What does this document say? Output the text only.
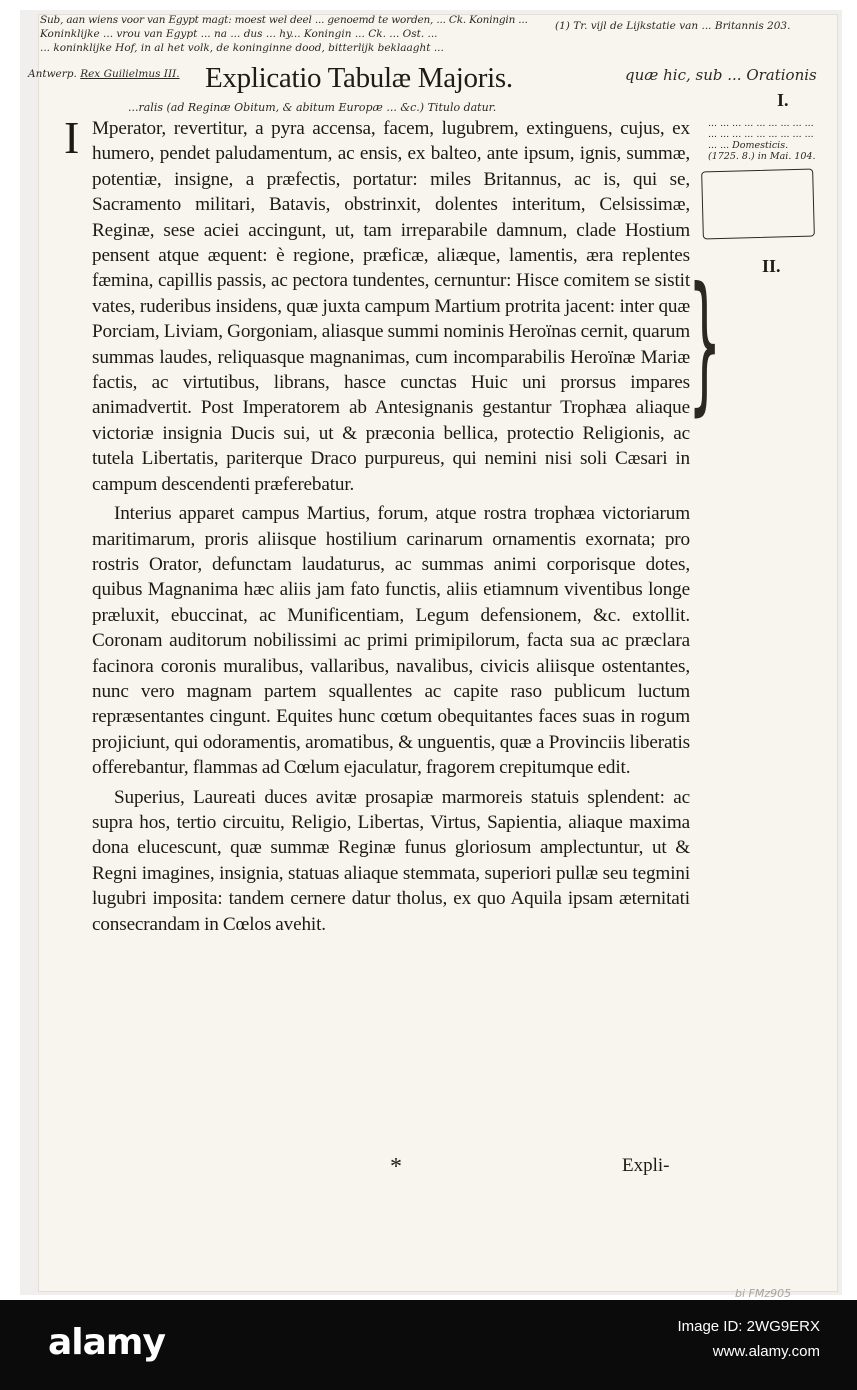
Sub, aan wiens voor van Egypt magt: moest wel deel ... genoemd te worden, ... Ck. Koningin ...
Koninklijke ... vrou van Egypt ... na ... dus ... hy... Koningin ... Ck. ... Ost. ...
... koninklijke Hof, in al het volk, de koninginne dood, bitterlijk beklaaght ...
(1) Tr. vijl de Lijkstatie van ... Britannis 203.
Antwerp. Rex Guilielmus III. Explicatio Tabulæ Majoris.	quæ hic, sub ... Orationis
...ralis (ad Reginæ Obitum, & abitum Europæ ... &c.) Titulo datur.	I.
II.
... ... ... ... ... ... ... ... ... ... ... ... ... ... ... ... ... ... ... ... Domesticis. (1725. 8.) in Mai. 104.
}

I Mperator, revertitur, a pyra accensa, facem, lugubrem, extinguens, cujus, ex humero, pendet paludamentum, ac ensis, ex balteo, ante ipsum, ignis, summæ, potentiæ, insigne, a præfectis, portatur: miles Britannus, ac is, qui se, Sacramento militari, Batavis, obstrinxit, dolentes interitum, Celsissimæ, Reginæ, sese aciei accingunt, ut, tam irreparabile damnum, clade Hostium pensent atque æquent: è regione, præficæ, aliæque, lamentis, æra replentes fæmina, capillis passis, ac pectora tundentes, cernuntur: Hisce comitem se sistit vates, ruderibus insidens, quæ juxta campum Martium protrita jacent: inter quæ Porciam, Liviam, Gorgoniam, aliasque summi nominis Heroïnas cernit, quarum summas laudes, reliquasque magnanimas, cum incomparabilis Heroïnæ Mariæ factis, ac virtutibus, librans, hasce cunctas Huic uni prorsus impares animadvertit. Post Imperatorem ab Antesignanis gestantur Trophæa aliaque victoriæ insignia Ducis sui, ut & præconia bellica, protectio Religionis, ac tutela Libertatis, pariterque Draco purpureus, qui nemini nisi soli Cæsari in campum descendenti præferebatur.

Interius apparet campus Martius, forum, atque rostra trophæa victoriarum maritimarum, proris aliisque hostilium carinarum ornamentis exornata; pro rostris Orator, defunctam laudaturus, ac summas animi corporisque dotes, quibus Magnanima hæc aliis jam fato functis, aliis etiamnum viventibus longe præluxit, ebuccinat, ac Munificentiam, Legum defensionem, &c. extollit. Coronam auditorum nobilissimi ac primi primipilorum, facta sua ac præclara facinora coronis muralibus, vallaribus, navalibus, civicis aliisque ostentantes, nunc vero magnam partem squallentes ac capite raso publicum luctum repræsentantes cingunt. Equites hunc cœtum obequitantes faces suas in rogum projiciunt, qui odoramentis, aromatibus, & unguentis, quæ a Provinciis liberatis offerebantur, flammas ad Cœlum ejaculatur, fragorem crepitumque edit.

Superius, Laureati duces avitæ prosapiæ marmoreis statuis splendent: ac supra hos, tertio circuitu, Religio, Libertas, Virtus, Sapientia, aliaque maxima dona elucescunt, quæ summæ Reginæ funus gloriosum amplectuntur, ut & Regni imagines, insignia, statuas aliaque stemmata, superiori pullæ seu tegmini lugubri imposita: tandem cernere datur tholus, ex quo Aquila ipsam æternitati consecrandam in Cœlos avehit.

*	Expli-
bi FMz905
alamy	Image ID: 2WG9ERX
www.alamy.com
